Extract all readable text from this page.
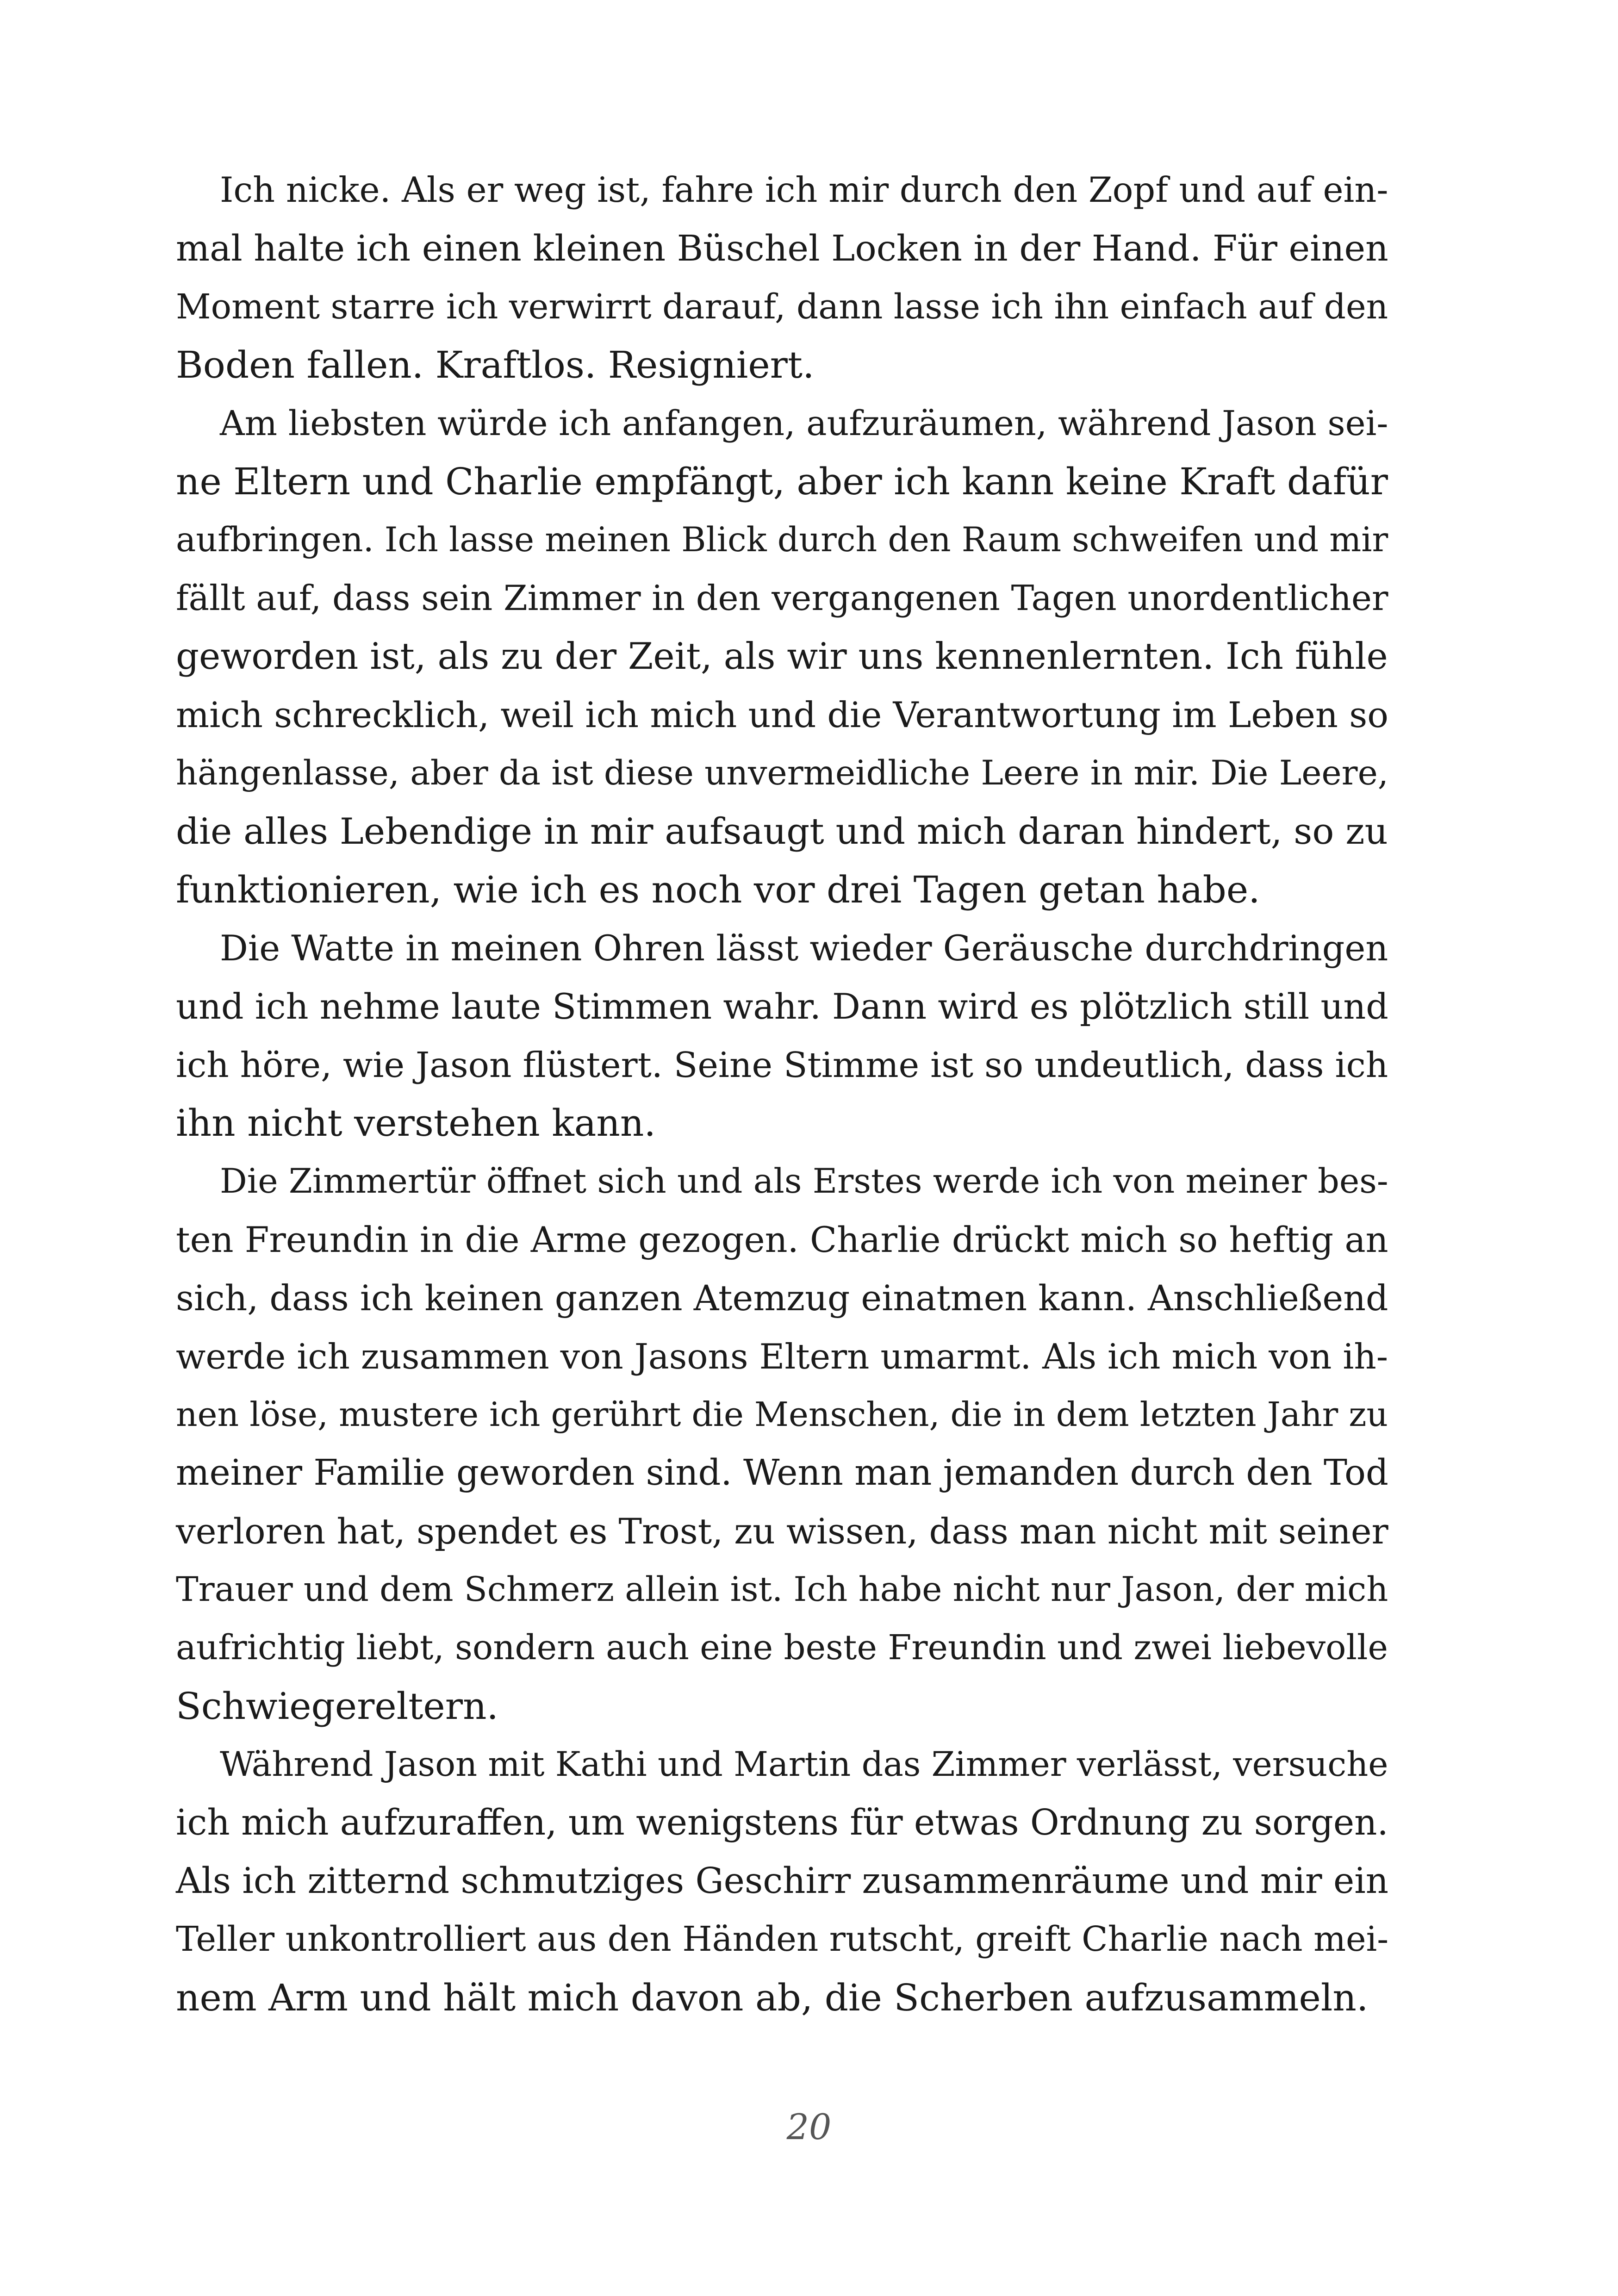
Ich nicke. Als er weg ist, fahre ich mir durch den Zopf und auf ein-
mal halte ich einen kleinen Büschel Locken in der Hand. Für einen
Moment starre ich verwirrt darauf, dann lasse ich ihn einfach auf den
Boden fallen. Kraftlos. Resigniert.

Am liebsten würde ich anfangen, aufzuräumen, während Jason sei-
ne Eltern und Charlie empfängt, aber ich kann keine Kraft dafür
aufbringen. Ich lasse meinen Blick durch den Raum schweifen und mir
fällt auf, dass sein Zimmer in den vergangenen Tagen unordentlicher
geworden ist, als zu der Zeit, als wir uns kennenlernten. Ich fühle
mich schrecklich, weil ich mich und die Verantwortung im Leben so
hängenlasse, aber da ist diese unvermeidliche Leere in mir. Die Leere,
die alles Lebendige in mir aufsaugt und mich daran hindert, so zu
funktionieren, wie ich es noch vor drei Tagen getan habe.

Die Watte in meinen Ohren lässt wieder Geräusche durchdringen
und ich nehme laute Stimmen wahr. Dann wird es plötzlich still und
ich höre, wie Jason flüstert. Seine Stimme ist so undeutlich, dass ich
ihn nicht verstehen kann.

Die Zimmertür öffnet sich und als Erstes werde ich von meiner bes-
ten Freundin in die Arme gezogen. Charlie drückt mich so heftig an
sich, dass ich keinen ganzen Atemzug einatmen kann. Anschließend
werde ich zusammen von Jasons Eltern umarmt. Als ich mich von ih-
nen löse, mustere ich gerührt die Menschen, die in dem letzten Jahr zu
meiner Familie geworden sind. Wenn man jemanden durch den Tod
verloren hat, spendet es Trost, zu wissen, dass man nicht mit seiner
Trauer und dem Schmerz allein ist. Ich habe nicht nur Jason, der mich
aufrichtig liebt, sondern auch eine beste Freundin und zwei liebevolle
Schwiegereltern.

Während Jason mit Kathi und Martin das Zimmer verlässt, versuche
ich mich aufzuraffen, um wenigstens für etwas Ordnung zu sorgen.
Als ich zitternd schmutziges Geschirr zusammenräume und mir ein
Teller unkontrolliert aus den Händen rutscht, greift Charlie nach mei-
nem Arm und hält mich davon ab, die Scherben aufzusammeln.

20
